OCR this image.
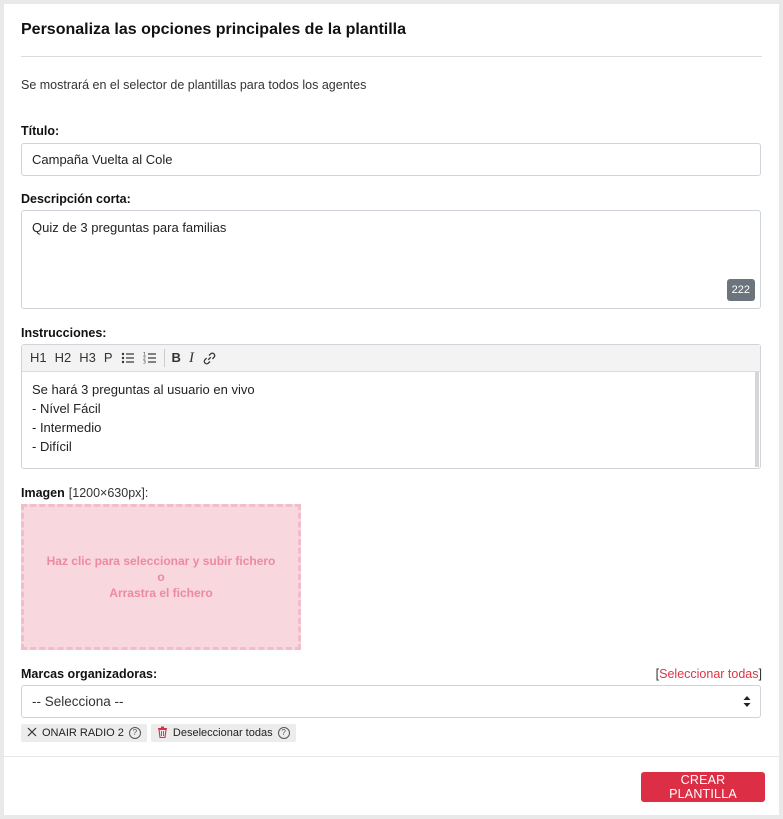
Personaliza las opciones principales de la plantilla
Se mostrará en el selector de plantillas para todos los agentes
Título:
Campaña Vuelta al Cole
Descripción corta:
Quiz de 3 preguntas para familias
222
Instrucciones:
H1 H2 H3 P	1
2
3	B I
Se hará 3 preguntas al usuario en vivo
- Nível Fácil
- Intermedio
- Difícil
Imagen [1200×630px]:
Haz clic para seleccionar y subir fichero
o
Arrastra el fichero
Marcas organizadoras:	[Seleccionar todas]
-- Selecciona --
ONAIR RADIO 2	?	Deseleccionar todas	?
CREAR PLANTILLA
